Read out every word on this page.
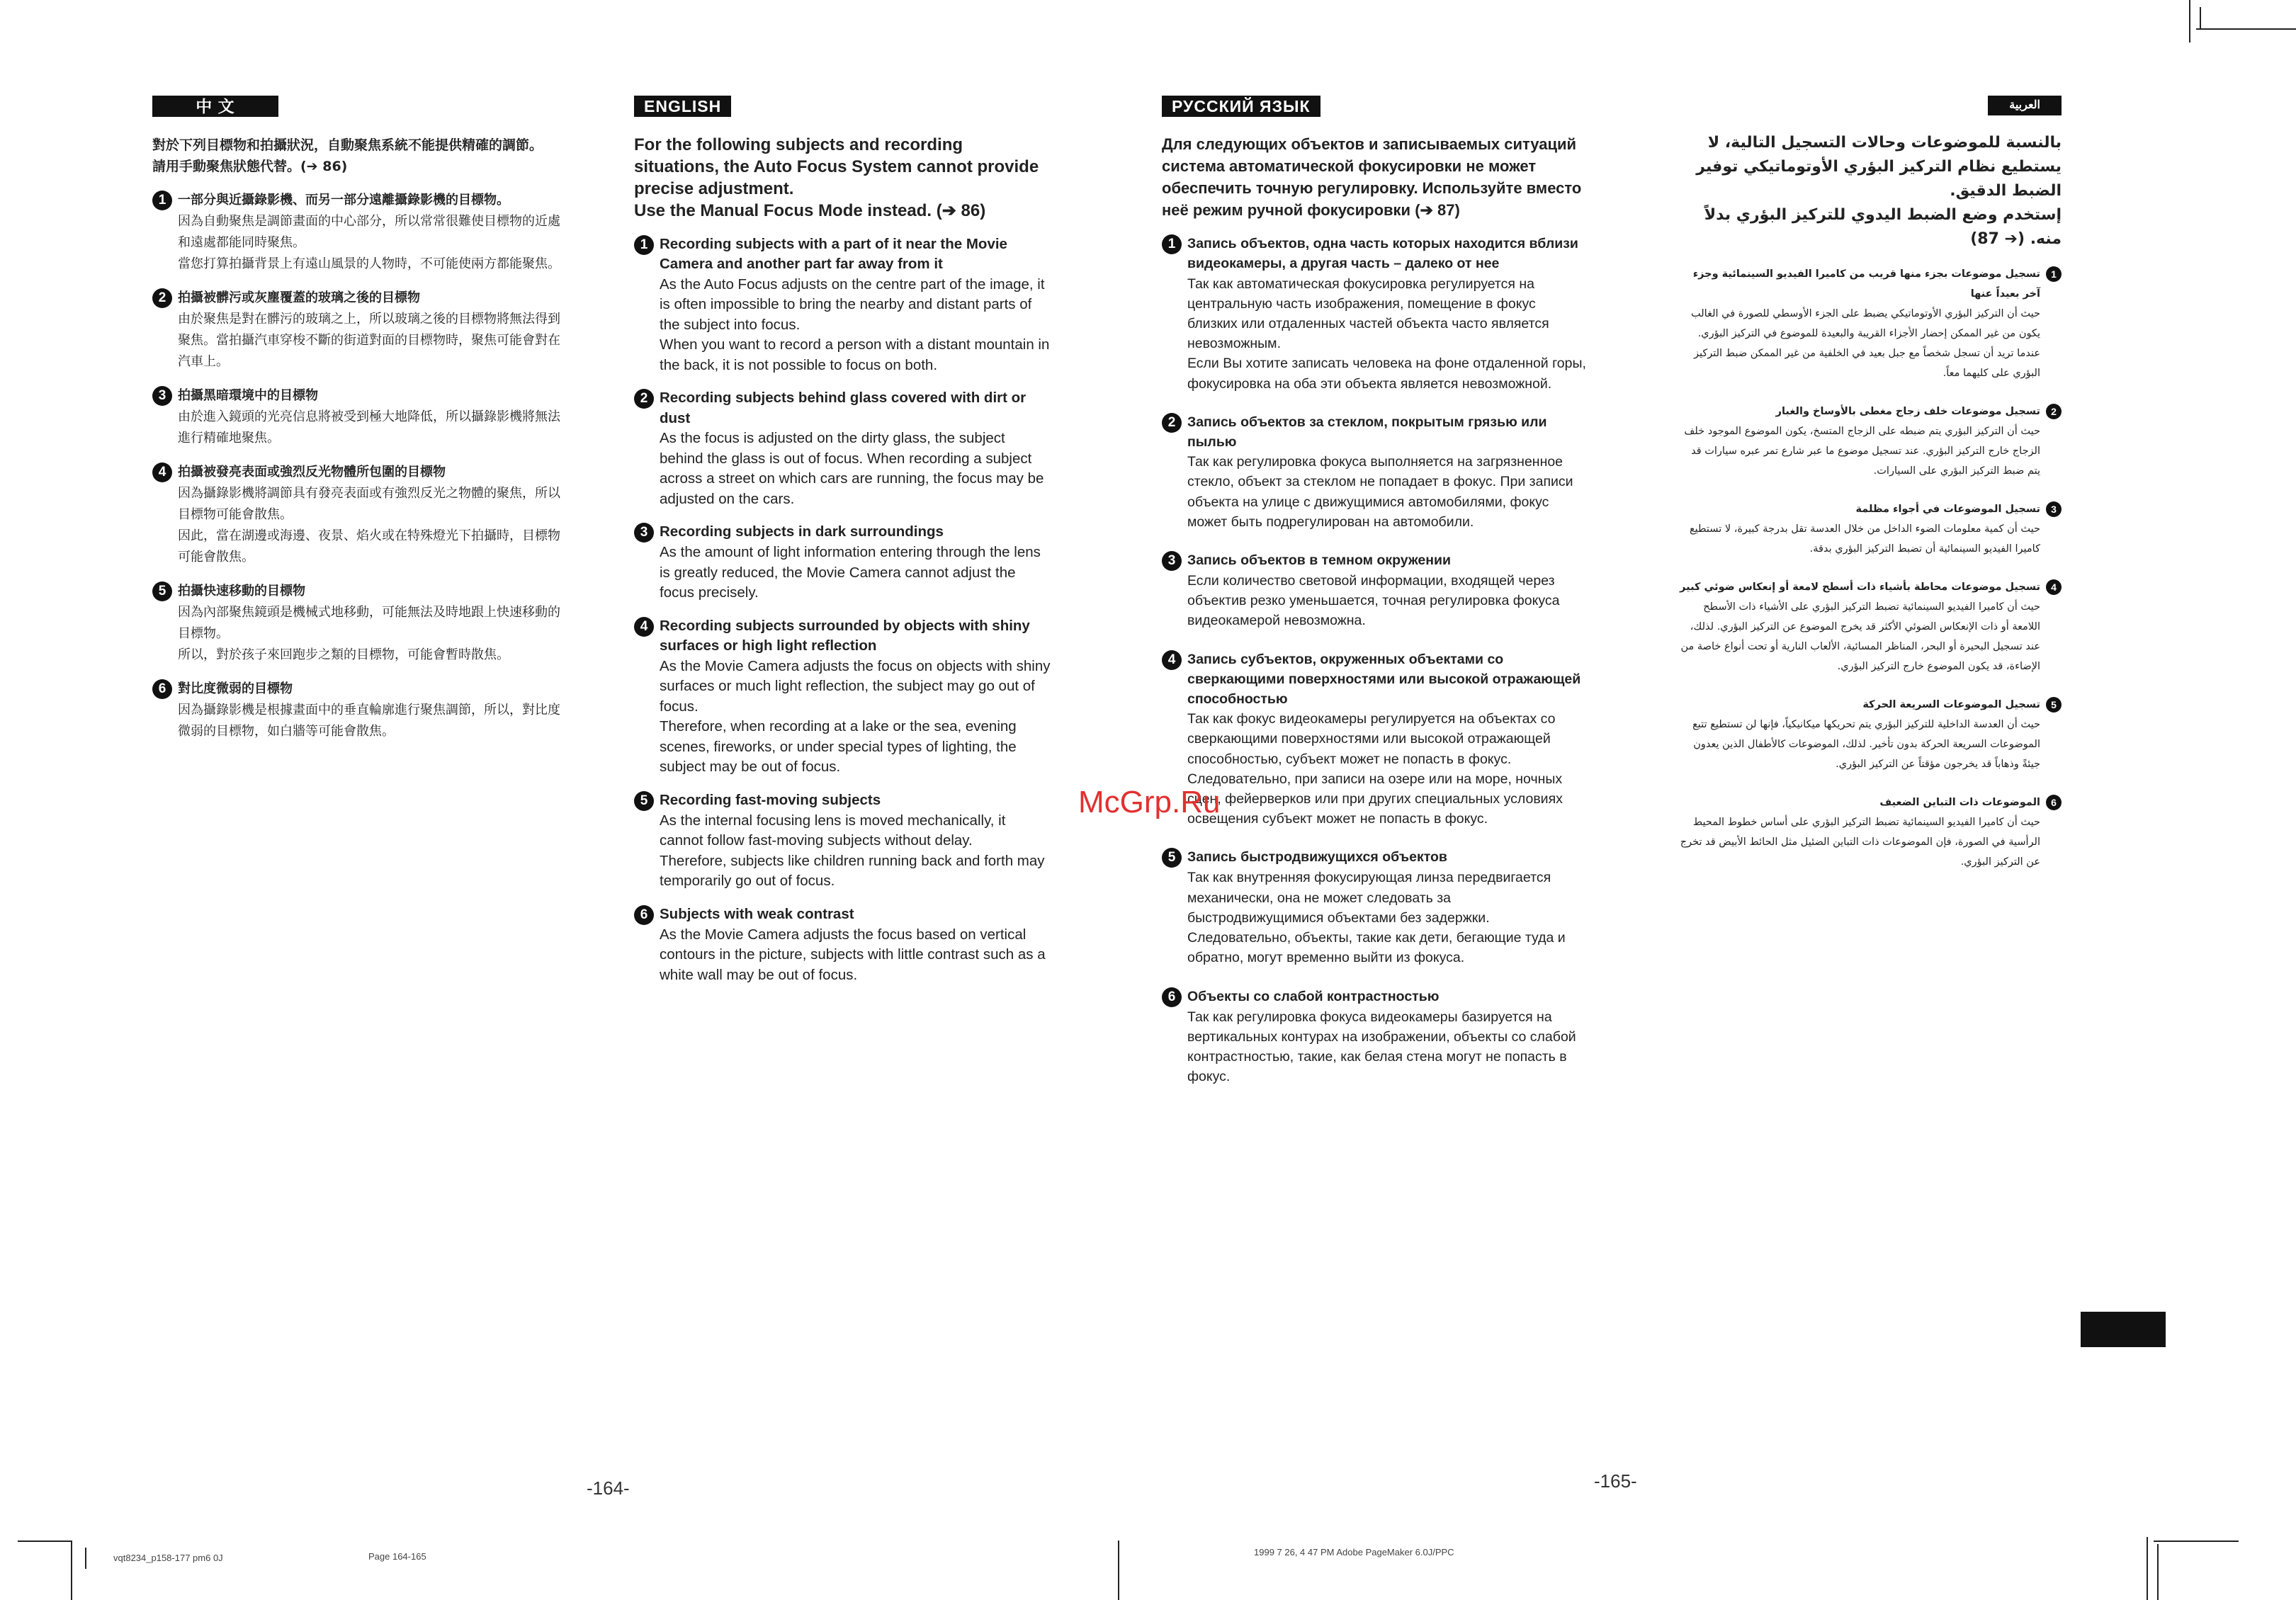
中 文
對於下列目標物和拍攝狀況，自動聚焦系統不能提供精確的調節。
請用手動聚焦狀態代替。(➔ 86)
1 一部分與近攝錄影機、而另一部分遠離攝錄影機的目標物。
因為自動聚焦是調節畫面的中心部分，所以常常很難使目標物的近處和遠處都能同時聚焦。
當您打算拍攝背景上有遠山風景的人物時，不可能使兩方都能聚焦。
2 拍攝被髒污或灰塵覆蓋的玻璃之後的目標物
由於聚焦是對在髒污的玻璃之上，所以玻璃之後的目標物將無法得到聚焦。當拍攝汽車穿梭不斷的街道對面的目標物時，聚焦可能會對在汽車上。
3 拍攝黑暗環境中的目標物
由於進入鏡頭的光亮信息將被受到極大地降低，所以攝錄影機將無法進行精確地聚焦。
4 拍攝被發亮表面或強烈反光物體所包圍的目標物
因為攝錄影機將調節具有發亮表面或有強烈反光之物體的聚焦，所以目標物可能會散焦。
因此，當在湖邊或海邊、夜景、焰火或在特殊燈光下拍攝時，目標物可能會散焦。
5 拍攝快速移動的目標物
因為內部聚焦鏡頭是機械式地移動，可能無法及時地跟上快速移動的目標物。
所以，對於孩子來回跑步之類的目標物，可能會暫時散焦。
6 對比度微弱的目標物
因為攝錄影機是根據畫面中的垂直輪廓進行聚焦調節，所以，對比度微弱的目標物，如白牆等可能會散焦。
ENGLISH
For the following subjects and recording situations, the Auto Focus System cannot provide precise adjustment.
Use the Manual Focus Mode instead. (➔ 86)
1 Recording subjects with a part of it near the Movie Camera and another part far away from it
As the Auto Focus adjusts on the centre part of the image, it is often impossible to bring the nearby and distant parts of the subject into focus.
When you want to record a person with a distant mountain in the back, it is not possible to focus on both.
2 Recording subjects behind glass covered with dirt or dust
As the focus is adjusted on the dirty glass, the subject behind the glass is out of focus. When recording a subject across a street on which cars are running, the focus may be adjusted on the cars.
3 Recording subjects in dark surroundings
As the amount of light information entering through the lens is greatly reduced, the Movie Camera cannot adjust the focus precisely.
4 Recording subjects surrounded by objects with shiny surfaces or high light reflection
As the Movie Camera adjusts the focus on objects with shiny surfaces or much light reflection, the subject may go out of focus.
Therefore, when recording at a lake or the sea, evening scenes, fireworks, or under special types of lighting, the subject may be out of focus.
5 Recording fast-moving subjects
As the internal focusing lens is moved mechanically, it cannot follow fast-moving subjects without delay.
Therefore, subjects like children running back and forth may temporarily go out of focus.
6 Subjects with weak contrast
As the Movie Camera adjusts the focus based on vertical contours in the picture, subjects with little contrast such as a white wall may be out of focus.
РУССКИЙ ЯЗЫК
Для следующих объектов и записываемых ситуаций система автоматической фокусировки не может обеспечить точную регулировку. Используйте вместо неё режим ручной фокусировки (➔ 87)
1 Запись объектов, одна часть которых находится вблизи видеокамеры, а другая часть – далеко от нее
Так как автоматическая фокусировка регулируется на центральную часть изображения, помещение в фокус близких или отдаленных частей объекта часто является невозможным.
Если Вы хотите записать человека на фоне отдаленной горы, фокусировка на оба эти объекта является невозможной.
2 Запись объектов за стеклом, покрытым грязью или пылью
Так как регулировка фокуса выполняется на загрязненное стекло, объект за стеклом не попадает в фокус. При записи объекта на улице с движущимися автомобилями, фокус может быть подрегулирован на автомобили.
3 Запись объектов в темном окружении
Если количество световой информации, входящей через объектив резко уменьшается, точная регулировка фокуса видеокамерой невозможна.
4 Запись субъектов, окруженных объектами со сверкающими поверхностями или высокой отражающей способностью
Так как фокус видеокамеры регулируется на объектах со сверкающими поверхностями или высокой отражающей способностью, субъект может не попасть в фокус.
Следовательно, при записи на озере или на море, ночных сцен, фейерверков или при других специальных условиях освещения субъект может не попасть в фокус.
5 Запись быстродвижущихся объектов
Так как внутренняя фокусирующая линза передвигается механически, она не может следовать за быстродвижущимися объектами без задержки.
Следовательно, объекты, такие как дети, бегающие туда и обратно, могут временно выйти из фокуса.
6 Объекты со слабой контрастностью
Так как регулировка фокуса видеокамеры базируется на вертикальных контурах на изображении, объекты со слабой контрастностью, такие, как белая стена могут не попасть в фокус.
العربية
بالنسبة للموضوعات وحالات التسجيل التالية، لا يستطيع نظام التركيز البؤري الأوتوماتيكي توفير الضبط الدقيق.
إستخدم وضع الضبط اليدوي للتركيز البؤري بدلاً منه. (➔ 87)
1
تسجيل موضوعات بجزء منها قريب من كاميرا الفيديو السينمائية وجزء آخر بعيداً عنها
حيث أن التركيز البؤري الأوتوماتيكي يضبط على الجزء الأوسطي للصورة في الغالب يكون من غير الممكن إحضار الأجزاء القريبة والبعيدة للموضوع في التركيز البؤري. عندما تريد أن تسجل شخصاً مع جبل بعيد في الخلفية من غير الممكن ضبط التركيز البؤري على كليهما معاً.
2
تسجيل موضوعات خلف زجاج مغطى بالأوساخ والغبار
حيث أن التركيز البؤري يتم ضبطه على الزجاج المتسخ، يكون الموضوع الموجود خلف الزجاج خارج التركيز البؤري. عند تسجيل موضوع ما عبر شارع تمر عبره سيارات قد يتم ضبط التركيز البؤري على السيارات.
3
تسجيل الموضوعات في أجواء مظلمة
حيث أن كمية معلومات الضوء الداخل من خلال العدسة تقل بدرجة كبيرة، لا تستطيع كاميرا الفيديو السينمائية أن تضبط التركيز البؤري بدقة.
4
تسجيل موضوعات محاطة بأشياء ذات أسطح لامعة أو إنعكاس ضوئي كبير
حيث أن كاميرا الفيديو السينمائية تضبط التركيز البؤري على الأشياء ذات الأسطح اللامعة أو ذات الإنعكاس الضوئي الأكثر قد يخرج الموضوع عن التركيز البؤري. لذلك، عند تسجيل البحيرة أو البحر، المناظر المسائية، الألعاب النارية أو تحت أنواع خاصة من الإضاءة، قد يكون الموضوع خارج التركيز البؤري.
5
تسجيل الموضوعات السريعة الحركة
حيث أن العدسة الداخلية للتركيز البؤري يتم تحريكها ميكانيكياً، فإنها لن تستطيع تتبع الموضوعات السريعة الحركة بدون تأخير. لذلك، الموضوعات كالأطفال الذين يعدون جيئةً وذهاباً قد يخرجون مؤقتاً عن التركيز البؤري.
6
الموضوعات ذات التباين الضعيف
حيث أن كاميرا الفيديو السينمائية تضبط التركيز البؤري على أساس خطوط المحيط الرأسية في الصورة، فإن الموضوعات ذات التباين الضئيل مثل الحائط الأبيض قد تخرج عن التركيز البؤري.
McGrp.Ru
-164-	-165-
vqt8234_p158-177 pm6 0J	Page 164-165	1999 7 26, 4 47 PM Adobe PageMaker 6.0J/PPC
